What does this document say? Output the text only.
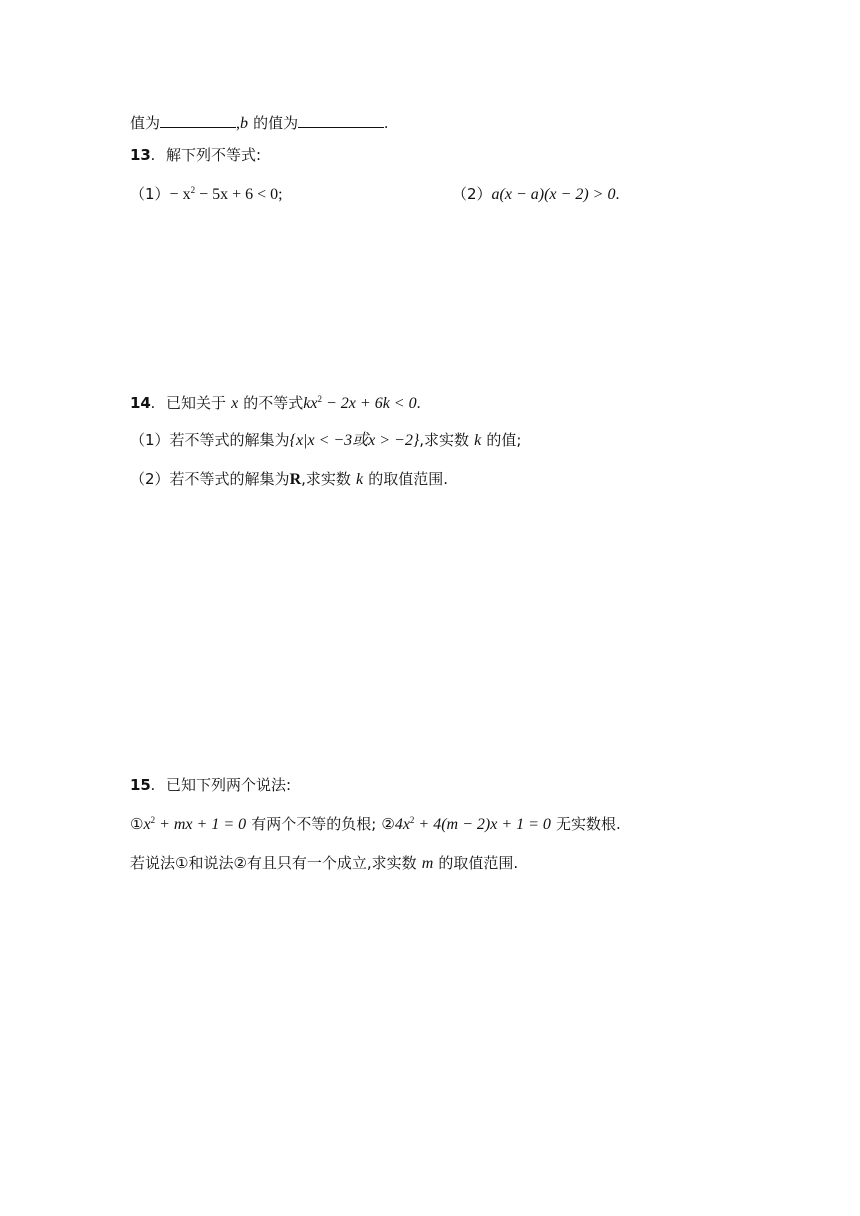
值为	,b 的值为	.
13. 解下列不等式:
$(1)- x^2 - 5x + 6 < 0$;	（2）a(x − a)(x − 2) > 0.
14. 已知关于 x 的不等式$kx^2 - 2x + 6k < 0$.
（1）若不等式的解集为{x|x < −3或x > −2},求实数 k 的值;
（2）若不等式的解集为R,求实数 k 的取值范围.
15. 已知下列两个说法:
$①x^2$ + mx + 1 = 0 有两个不等的负根; $②4x^2 + 4(m - 2)x + 1 = 0$ 无实数根.
若说法①和说法②有且只有一个成立,求实数 m 的取值范围.
